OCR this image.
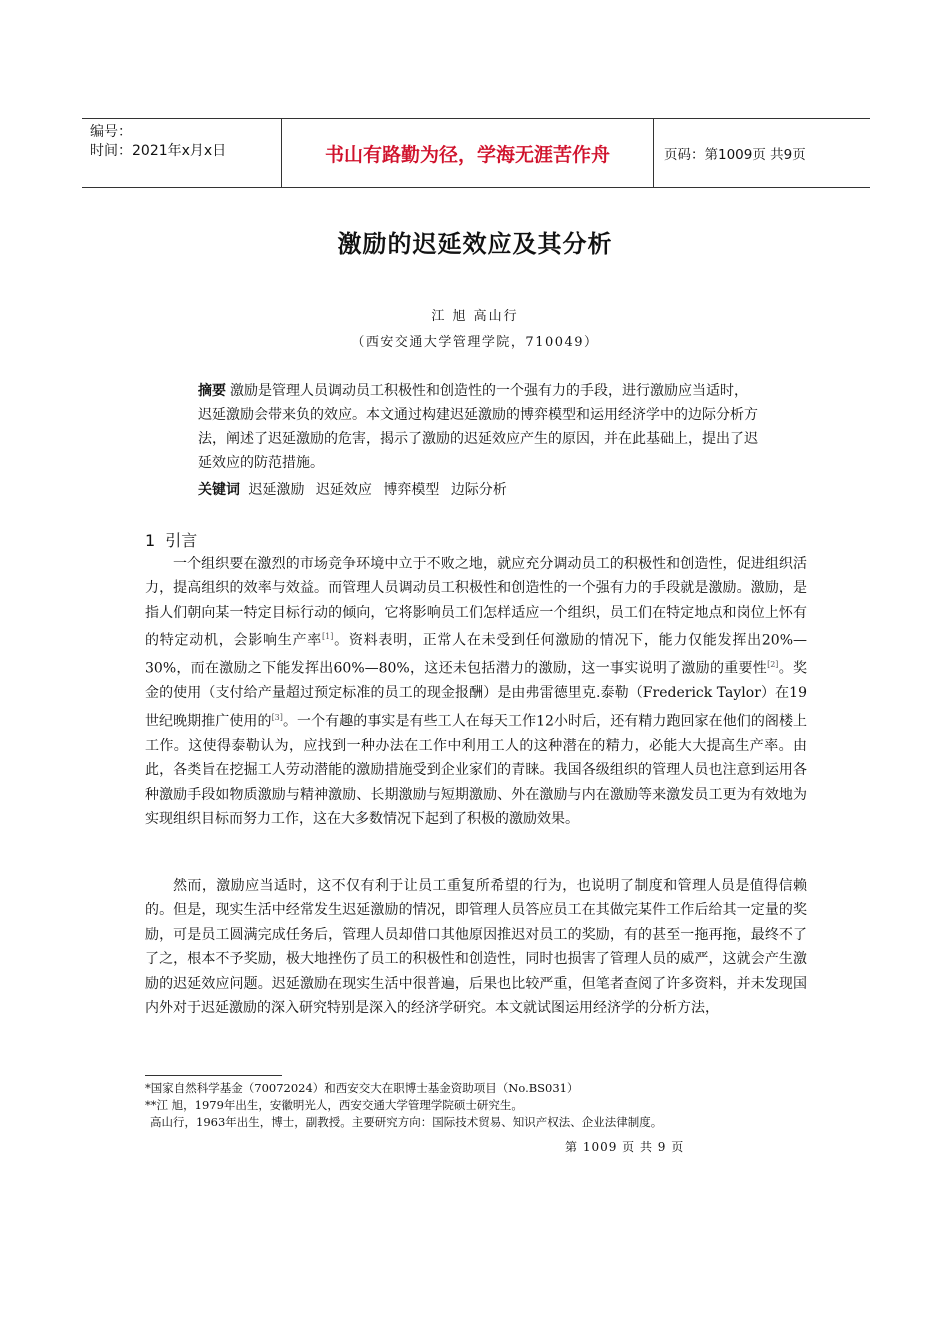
编号：
时间：2021年x月x日	书山有路勤为径，学海无涯苦作舟	页码：第1009页 共9页
激励的迟延效应及其分析
江 旭 高山行
（西安交通大学管理学院，710049）
摘要 激励是管理人员调动员工积极性和创造性的一个强有力的手段，进行激励应当适时，迟延激励会带来负的效应。本文通过构建迟延激励的博弈模型和运用经济学中的边际分析方法，阐述了迟延激励的危害，揭示了激励的迟延效应产生的原因，并在此基础上，提出了迟延效应的防范措施。
关键词 迟延激励 迟延效应 博弈模型 边际分析
1 引言
一个组织要在激烈的市场竞争环境中立于不败之地，就应充分调动员工的积极性和创造性，促进组织活力，提高组织的效率与效益。而管理人员调动员工积极性和创造性的一个强有力的手段就是激励。激励，是指人们朝向某一特定目标行动的倾向，它将影响员工们怎样适应一个组织，员工们在特定地点和岗位上怀有的特定动机，会影响生产率[1]。资料表明，正常人在未受到任何激励的情况下，能力仅能发挥出20%—30%，而在激励之下能发挥出60%—80%，这还未包括潜力的激励，这一事实说明了激励的重要性[2]。奖金的使用（支付给产量超过预定标准的员工的现金报酬）是由弗雷德里克.泰勒（Frederick Taylor）在19世纪晚期推广使用的[3]。一个有趣的事实是有些工人在每天工作12小时后，还有精力跑回家在他们的阁楼上工作。这使得泰勒认为，应找到一种办法在工作中利用工人的这种潜在的精力，必能大大提高生产率。由此，各类旨在挖掘工人劳动潜能的激励措施受到企业家们的青睐。我国各级组织的管理人员也注意到运用各种激励手段如物质激励与精神激励、长期激励与短期激励、外在激励与内在激励等来激发员工更为有效地为实现组织目标而努力工作，这在大多数情况下起到了积极的激励效果。
然而，激励应当适时，这不仅有利于让员工重复所希望的行为，也说明了制度和管理人员是值得信赖的。但是，现实生活中经常发生迟延激励的情况，即管理人员答应员工在其做完某件工作后给其一定量的奖励，可是员工圆满完成任务后，管理人员却借口其他原因推迟对员工的奖励，有的甚至一拖再拖，最终不了了之，根本不予奖励，极大地挫伤了员工的积极性和创造性，同时也损害了管理人员的威严，这就会产生激励的迟延效应问题。迟延激励在现实生活中很普遍，后果也比较严重，但笔者查阅了许多资料，并未发现国内外对于迟延激励的深入研究特别是深入的经济学研究。本文就试图运用经济学的分析方法，
*国家自然科学基金（70072024）和西安交大在职博士基金资助项目（No.BS031）
**江 旭，1979年出生，安徽明光人，西安交通大学管理学院硕士研究生。
高山行，1963年出生，博士，副教授。主要研究方向：国际技术贸易、知识产权法、企业法律制度。
第 1009 页 共 9 页
